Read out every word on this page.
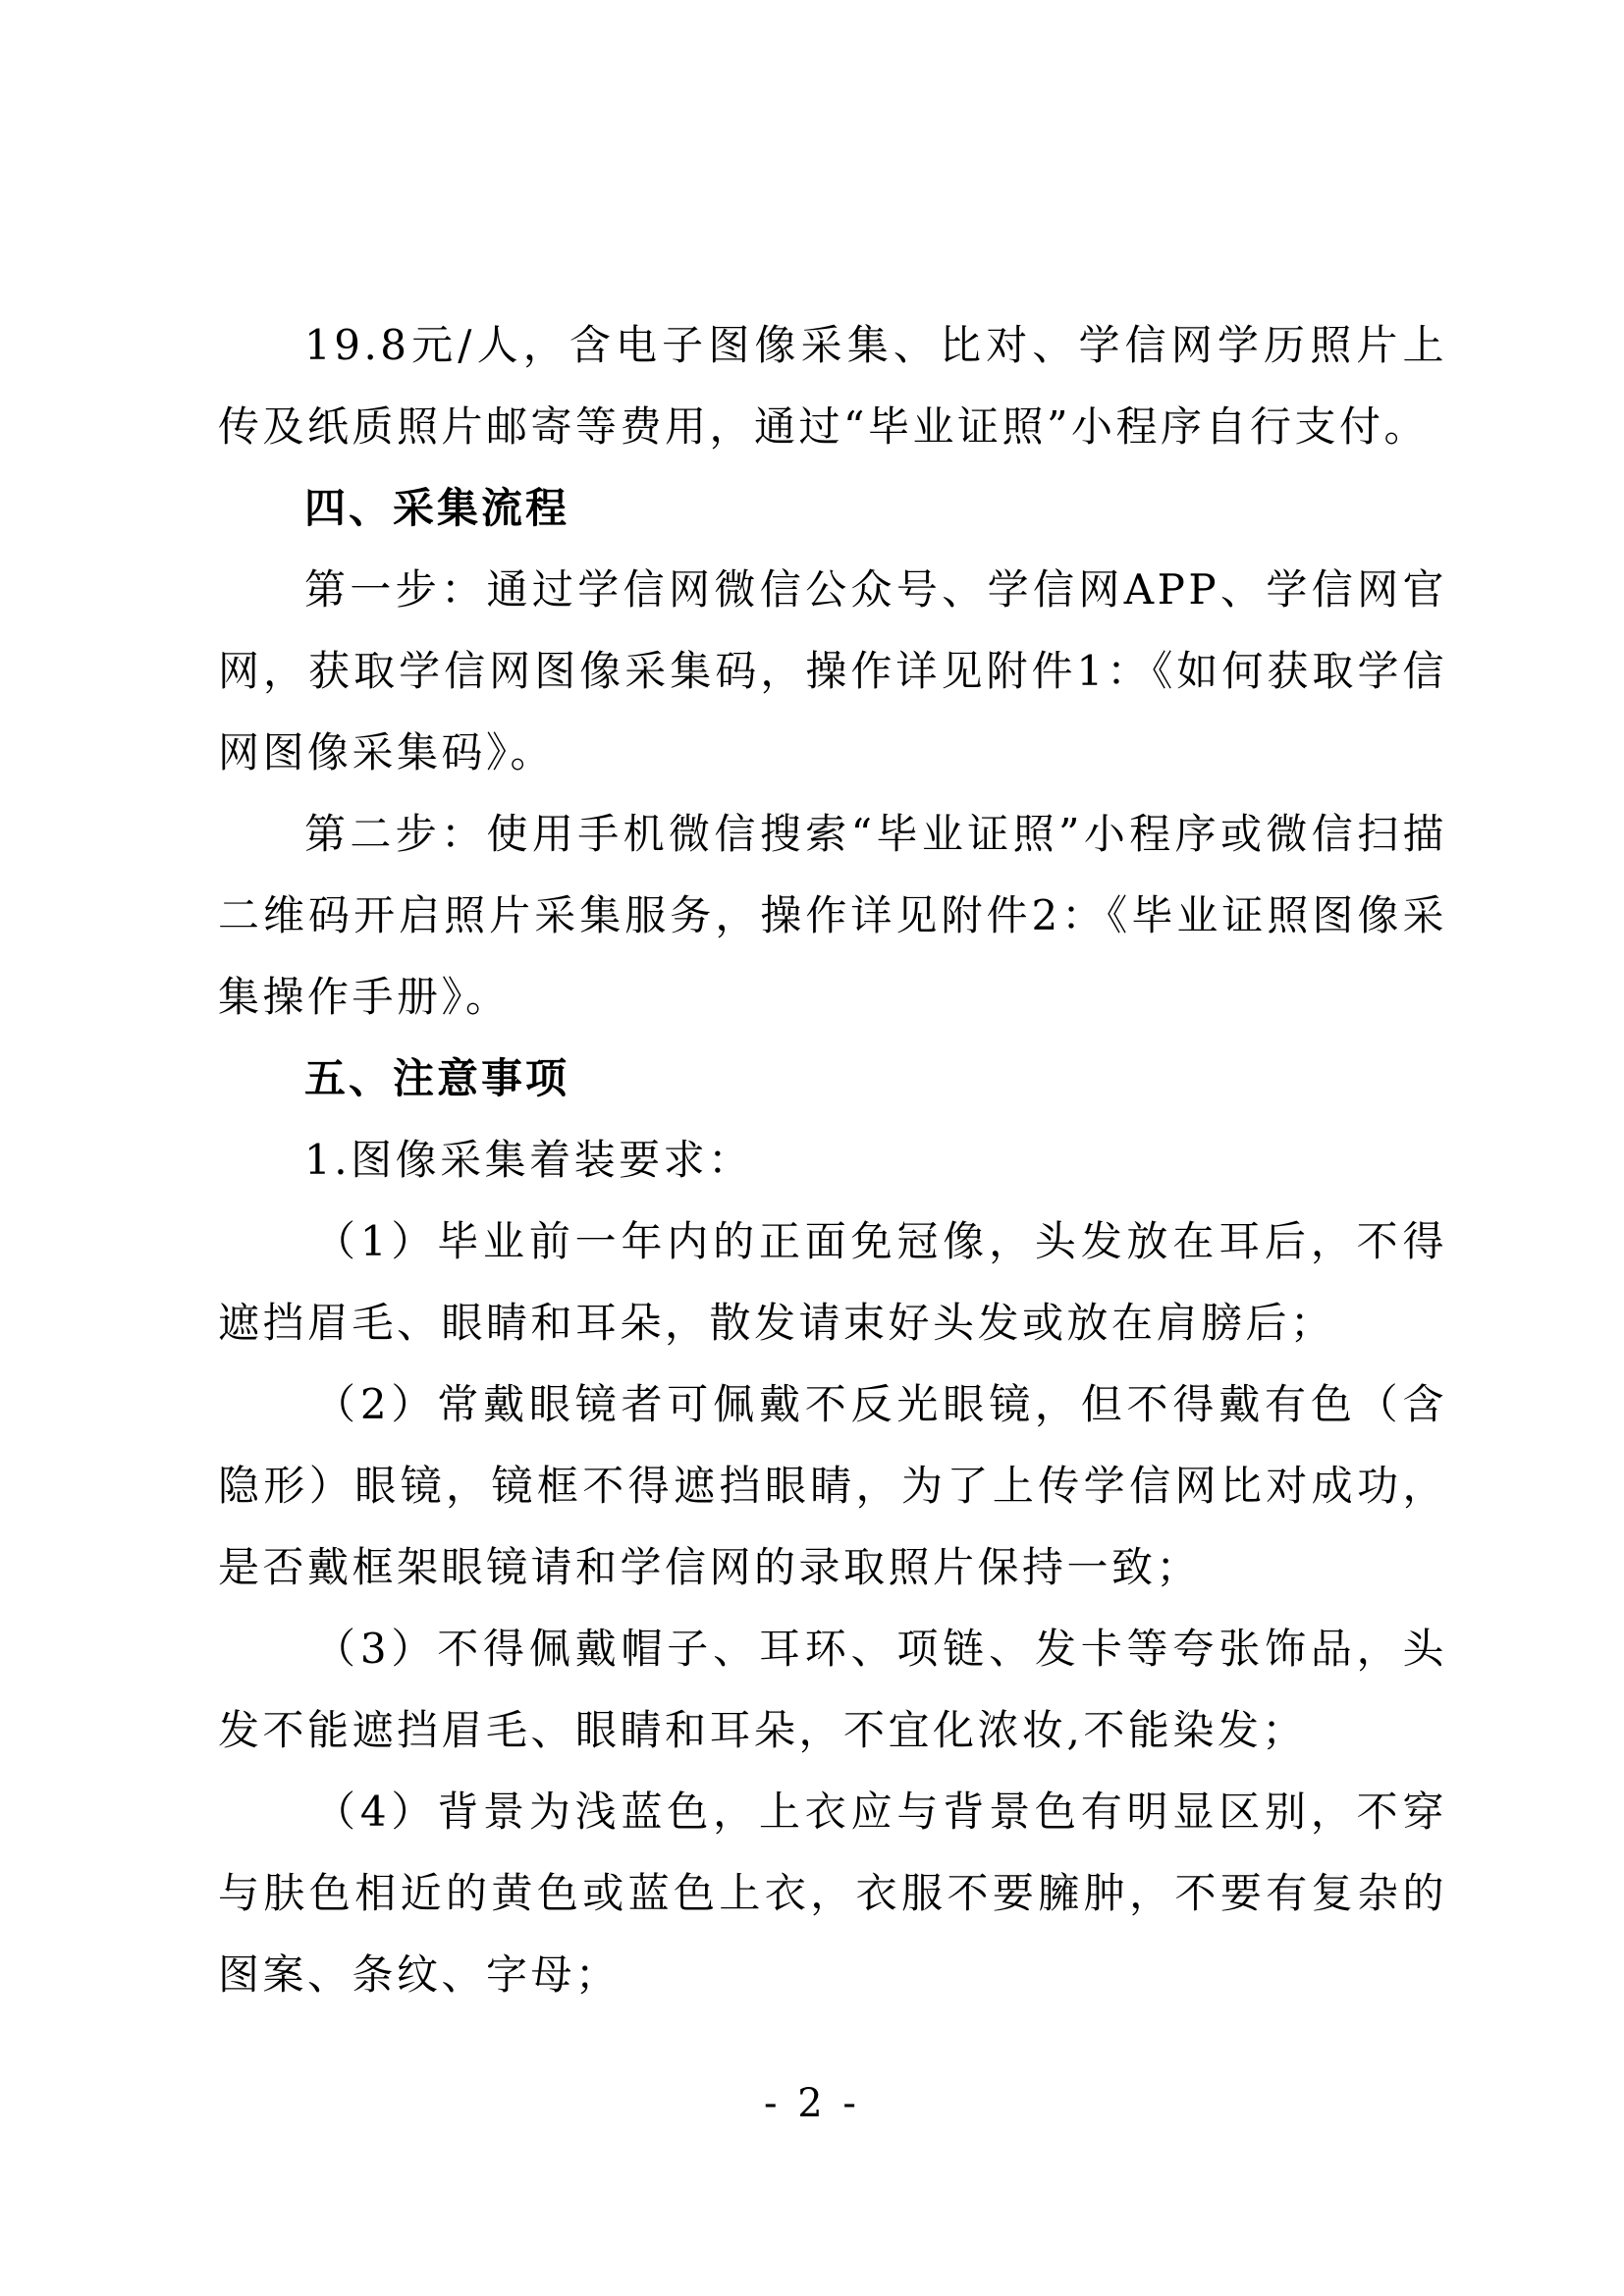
19.8元/人，含电子图像采集、比对、学信网学历照片上传及纸质照片邮寄等费用，通过“毕业证照”小程序自行支付。

四、采集流程

第一步：通过学信网微信公众号、学信网APP、学信网官网，获取学信网图像采集码，操作详见附件1：《如何获取学信网图像采集码》。

第二步：使用手机微信搜索“毕业证照”小程序或微信扫描二维码开启照片采集服务，操作详见附件2：《毕业证照图像采集操作手册》。

五、注意事项

1.图像采集着装要求：

（1）毕业前一年内的正面免冠像，头发放在耳后，不得遮挡眉毛、眼睛和耳朵，散发请束好头发或放在肩膀后；

（2）常戴眼镜者可佩戴不反光眼镜，但不得戴有色（含隐形）眼镜，镜框不得遮挡眼睛，为了上传学信网比对成功，是否戴框架眼镜请和学信网的录取照片保持一致；

（3）不得佩戴帽子、耳环、项链、发卡等夸张饰品，头发不能遮挡眉毛、眼睛和耳朵，不宜化浓妆,不能染发；

（4）背景为浅蓝色，上衣应与背景色有明显区别，不穿与肤色相近的黄色或蓝色上衣，衣服不要臃肿，不要有复杂的图案、条纹、字母；

- 2 -
